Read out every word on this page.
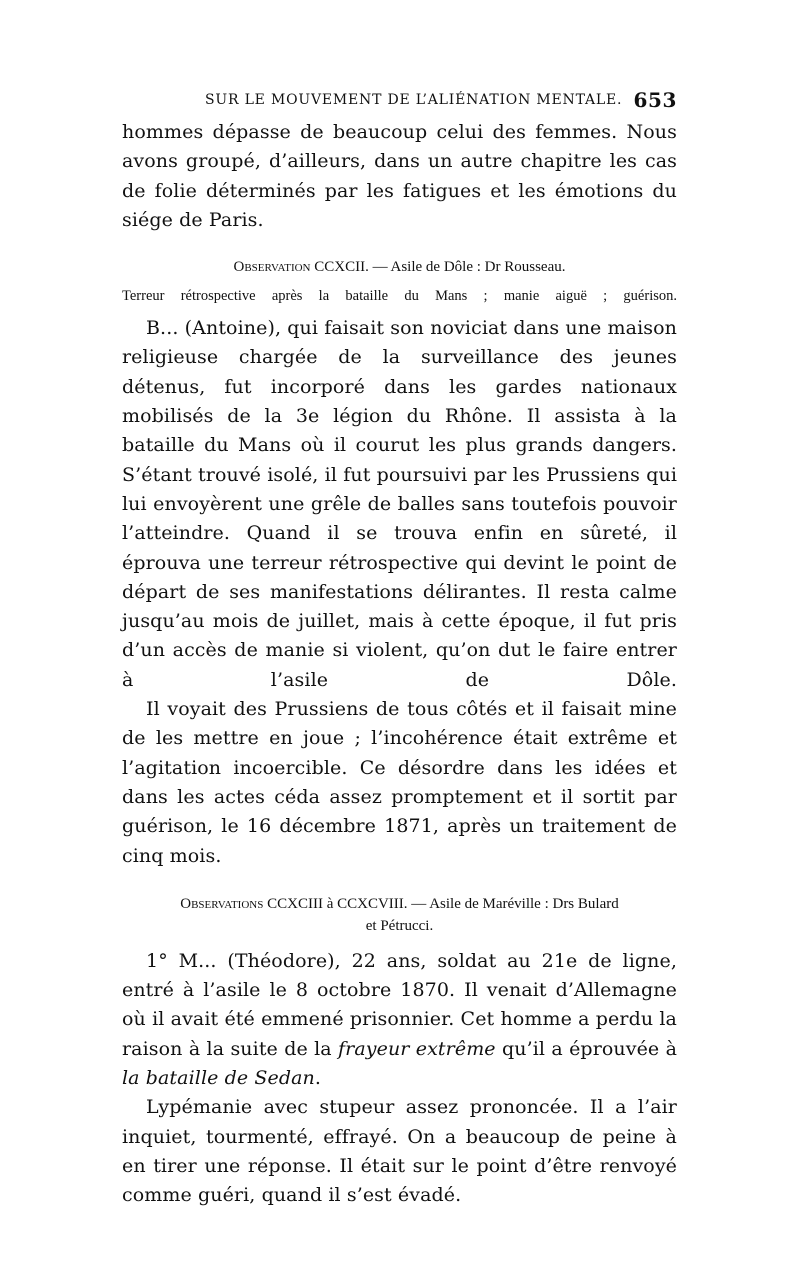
SUR LE MOUVEMENT DE L’ALIÉNATION MENTALE. 653

hommes dépasse de beaucoup celui des femmes. Nous avons groupé, d’ailleurs, dans un autre chapitre les cas de folie déterminés par les fatigues et les émotions du siége de Paris.

Observation CCXCII. — Asile de Dôle : Dr Rousseau.
Terreur rétrospective après la bataille du Mans ; manie aiguë ; guérison.

B... (Antoine), qui faisait son noviciat dans une maison religieuse chargée de la surveillance des jeunes détenus, fut incorporé dans les gardes nationaux mobilisés de la 3e légion du Rhône. Il assista à la bataille du Mans où il courut les plus grands dangers. S’étant trouvé isolé, il fut poursuivi par les Prussiens qui lui envoyèrent une grêle de balles sans toutefois pouvoir l’atteindre. Quand il se trouva enfin en sûreté, il éprouva une terreur rétrospective qui devint le point de départ de ses manifestations délirantes. Il resta calme jusqu’au mois de juillet, mais à cette époque, il fut pris d’un accès de manie si violent, qu’on dut le faire entrer à l’asile de Dôle.

Il voyait des Prussiens de tous côtés et il faisait mine de les mettre en joue ; l’incohérence était extrême et l’agitation incoercible. Ce désordre dans les idées et dans les actes céda assez promptement et il sortit par guérison, le 16 décembre 1871, après un traitement de cinq mois.

Observations CCXCIII à CCXCVIII. — Asile de Maréville : Drs Bulard
et Pétrucci.

1° M... (Théodore), 22 ans, soldat au 21e de ligne, entré à l’asile le 8 octobre 1870. Il venait d’Allemagne où il avait été emmené prisonnier. Cet homme a perdu la raison à la suite de la frayeur extrême qu’il a éprouvée à la bataille de Sedan.

Lypémanie avec stupeur assez prononcée. Il a l’air inquiet, tourmenté, effrayé. On a beaucoup de peine à en tirer une réponse. Il était sur le point d’être renvoyé comme guéri, quand il s’est évadé.
